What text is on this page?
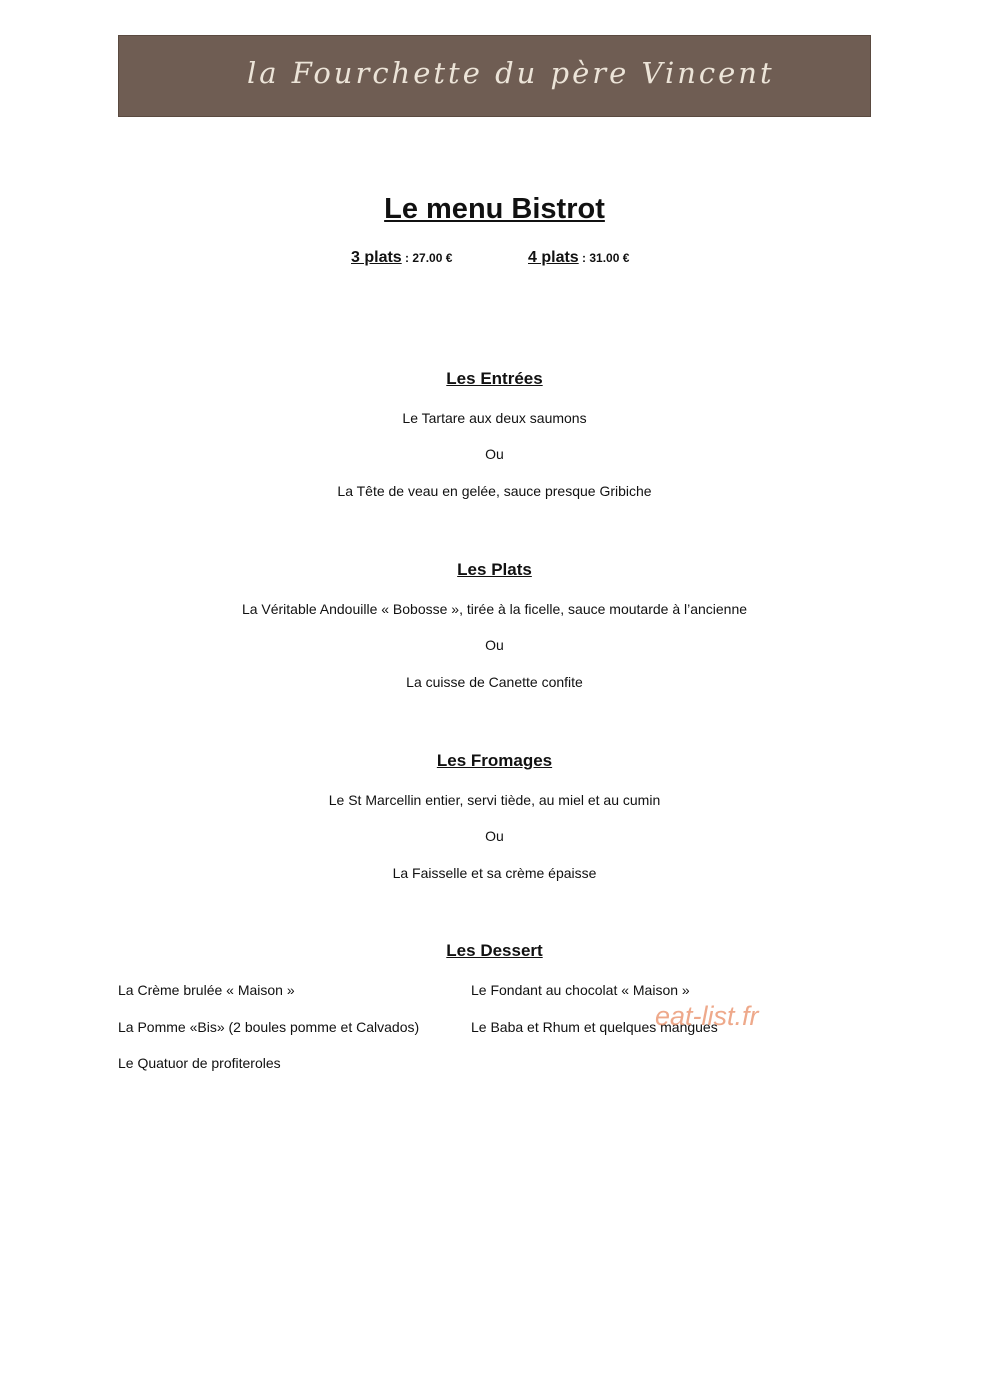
la Fourchette du père Vincent
Le menu Bistrot
3 plats : 27.00 €	4 plats : 31.00 €
Les Entrées
Le Tartare aux deux saumons
Ou
La Tête de veau en gelée, sauce presque Gribiche
Les Plats
La Véritable Andouille « Bobosse », tirée à la ficelle, sauce moutarde à l’ancienne
Ou
La cuisse de Canette confite
Les Fromages
Le St Marcellin entier, servi tiède, au miel et au cumin
Ou
La Faisselle et sa crème épaisse
Les Dessert
La Crème brulée « Maison »
La Pomme «Bis» (2 boules pomme et Calvados)
Le Quatuor de profiteroles
Le Fondant au chocolat « Maison »
Le Baba et Rhum et quelques mangues
eat-list.fr
